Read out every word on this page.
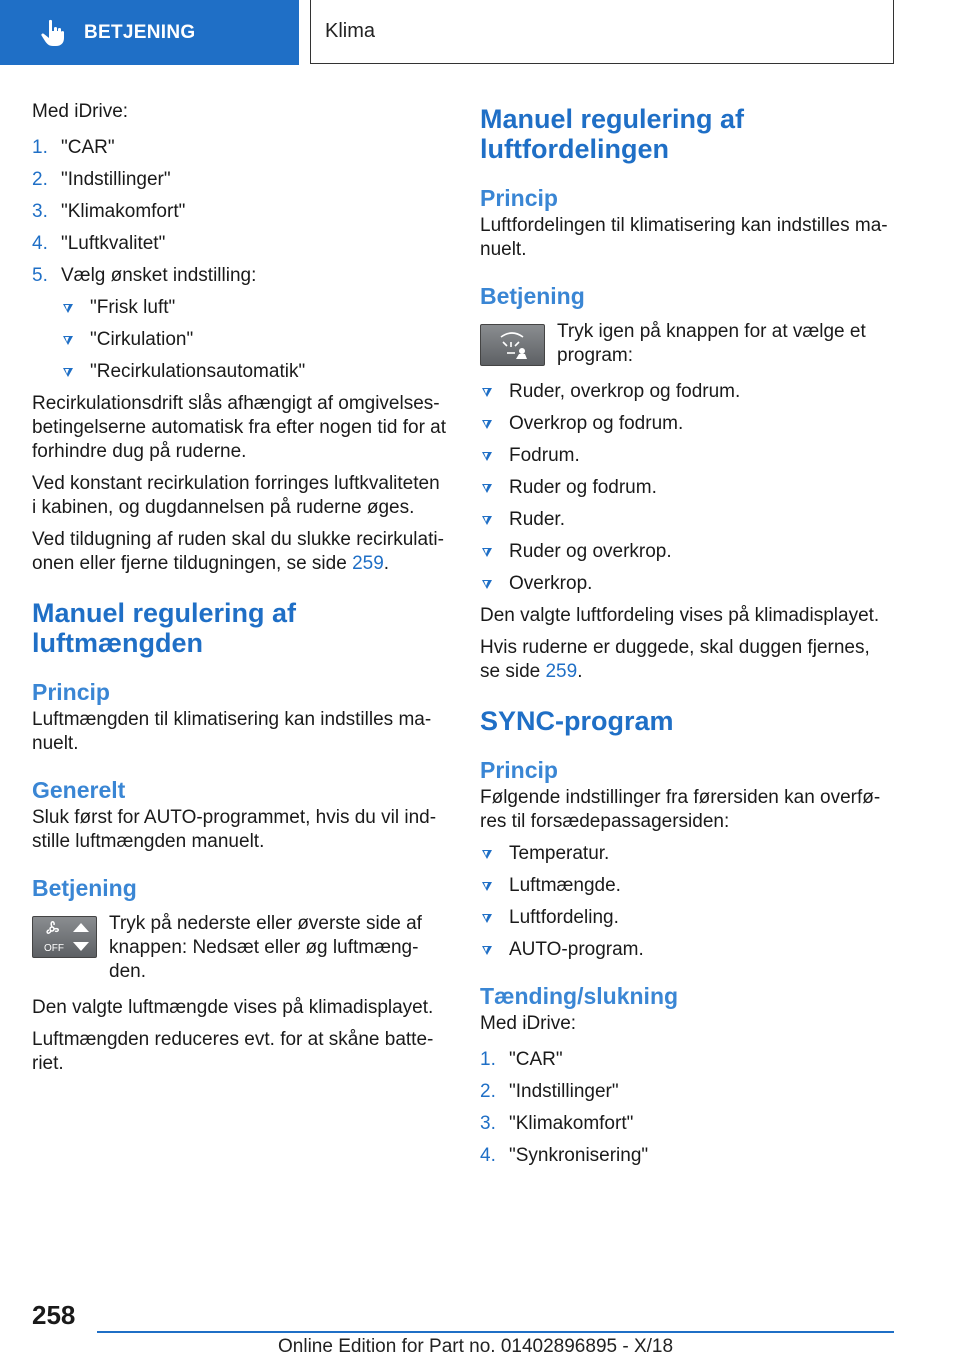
BETJENING	Klima

Med iDrive:

1. "CAR"
2. "Indstillinger"
3. "Klimakomfort"
4. "Luftkvalitet"
5. Vælg ønsket indstilling:
"Frisk luft"
"Cirkulation"
"Recirkulationsautomatik"

Recirkulationsdrift slås afhængigt af omgivelses-betingelserne automatisk fra efter nogen tid for at forhindre dug på ruderne.

Ved konstant recirkulation forringes luftkvaliteten i kabinen, og dugdannelsen på ruderne øges.

Ved tildugning af ruden skal du slukke recirkulati-onen eller fjerne tildugningen, se side 259.

Manuel regulering af luftmængden
Princip

Luftmængden til klimatisering kan indstilles ma-nuelt.

Generelt

Sluk først for AUTO-programmet, hvis du vil ind-stille luftmængden manuelt.

Betjening
OFF
Tryk på nederste eller øverste side af knappen: Nedsæt eller øg luftmæng-den.

Den valgte luftmængde vises på klimadisplayet.

Luftmængden reduceres evt. for at skåne batte-riet.

Manuel regulering af luftfordelingen
Princip

Luftfordelingen til klimatisering kan indstilles ma-nuelt.

Betjening
Tryk igen på knappen for at vælge et program:
Ruder, overkrop og fodrum.
Overkrop og fodrum.
Fodrum.
Ruder og fodrum.
Ruder.
Ruder og overkrop.
Overkrop.

Den valgte luftfordeling vises på klimadisplayet.

Hvis ruderne er duggede, skal duggen fjernes, se side 259.

SYNC-program
Princip

Følgende indstillinger fra førersiden kan overfø-res til forsædepassagersiden:

Temperatur.
Luftmængde.
Luftfordeling.
AUTO-program.
Tænding/slukning

Med iDrive:

1. "CAR"
2. "Indstillinger"
3. "Klimakomfort"
4. "Synkronisering"
258
Online Edition for Part no. 01402896895 - X/18
